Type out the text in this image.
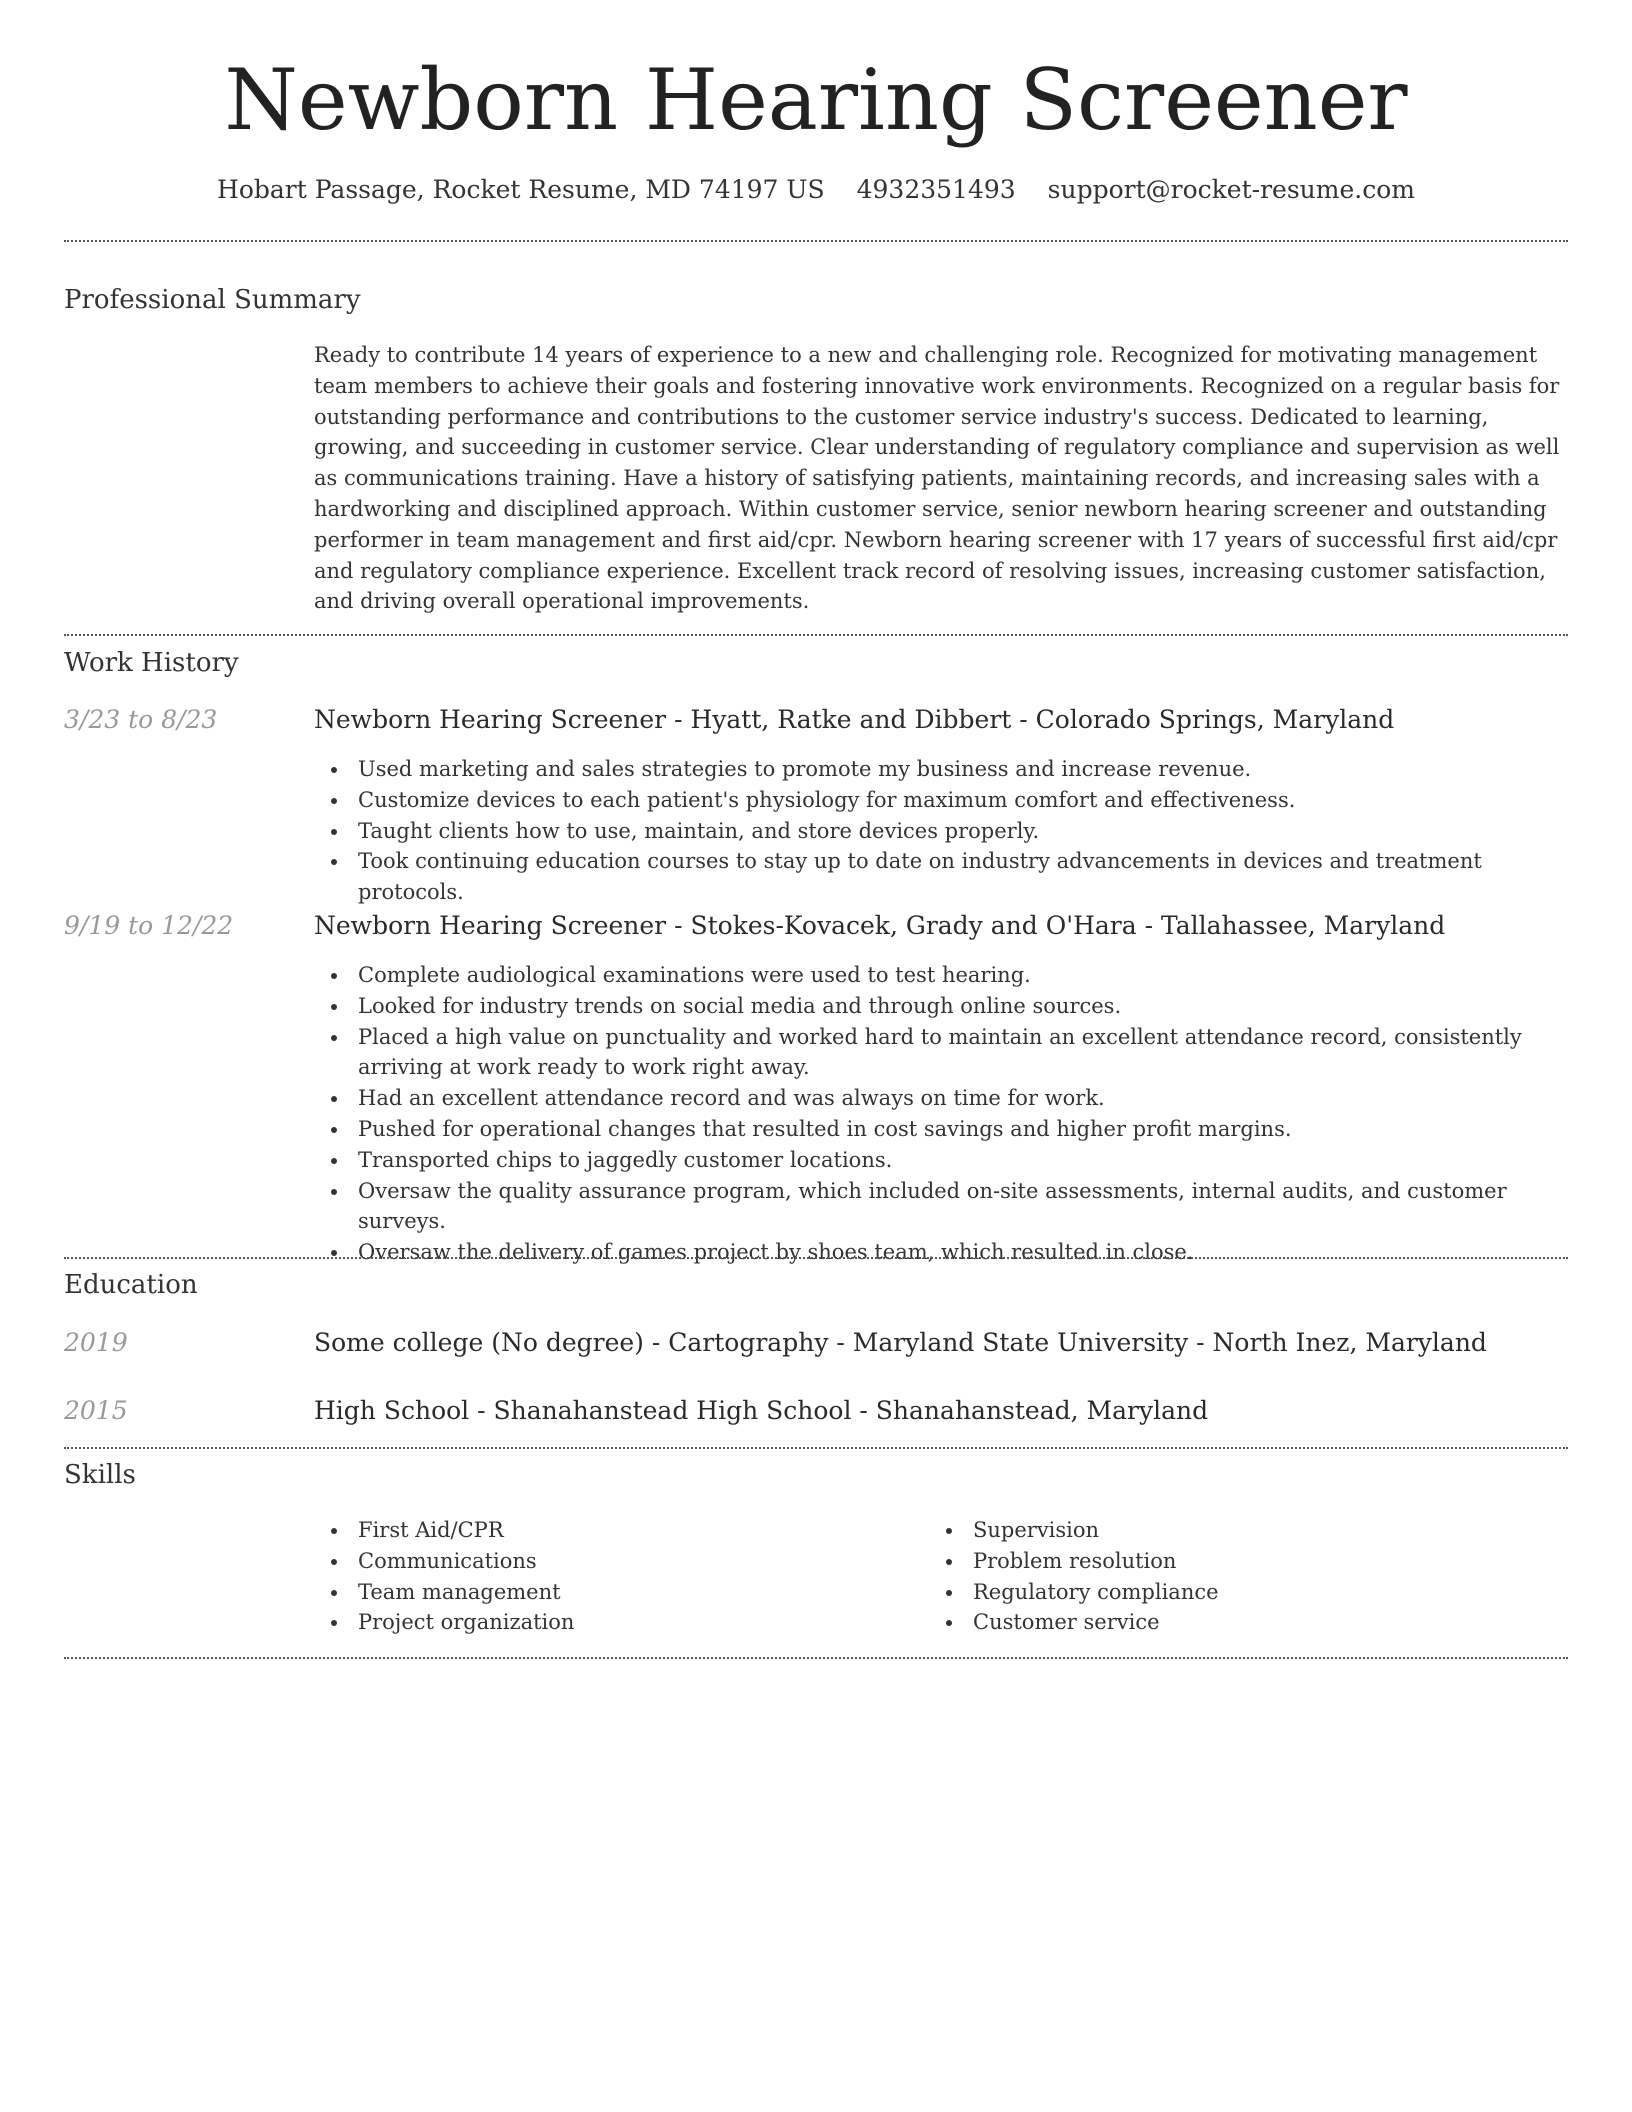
Newborn Hearing Screener
Hobart Passage, Rocket Resume, MD 74197 US 4932351493 support@rocket-resume.com
Professional Summary

Ready to contribute 14 years of experience to a new and challenging role. Recognized for motivating management team members to achieve their goals and fostering innovative work environments. Recognized on a regular basis for outstanding performance and contributions to the customer service industry's success. Dedicated to learning, growing, and succeeding in customer service. Clear understanding of regulatory compliance and supervision as well as communications training. Have a history of satisfying patients, maintaining records, and increasing sales with a hardworking and disciplined approach. Within customer service, senior newborn hearing screener and outstanding performer in team management and first aid/cpr. Newborn hearing screener with 17 years of successful first aid/cpr and regulatory compliance experience. Excellent track record of resolving issues, increasing customer satisfaction, and driving overall operational improvements.

Work History
3/23 to 8/23	Newborn Hearing Screener - Hyatt, Ratke and Dibbert - Colorado Springs, Maryland
Used marketing and sales strategies to promote my business and increase revenue.
Customize devices to each patient's physiology for maximum comfort and effectiveness.
Taught clients how to use, maintain, and store devices properly.
Took continuing education courses to stay up to date on industry advancements in devices and treatment protocols.
9/19 to 12/22	Newborn Hearing Screener - Stokes-Kovacek, Grady and O'Hara - Tallahassee, Maryland
Complete audiological examinations were used to test hearing.
Looked for industry trends on social media and through online sources.
Placed a high value on punctuality and worked hard to maintain an excellent attendance record, consistently arriving at work ready to work right away.
Had an excellent attendance record and was always on time for work.
Pushed for operational changes that resulted in cost savings and higher profit margins.
Transported chips to jaggedly customer locations.
Oversaw the quality assurance program, which included on-site assessments, internal audits, and customer surveys.
Oversaw the delivery of games project by shoes team, which resulted in close.
Education
2019	Some college (No degree) - Cartography - Maryland State University - North Inez, Maryland
2015	High School - Shanahanstead High School - Shanahanstead, Maryland
Skills
First Aid/CPR
Communications
Team management
Project organization
Supervision
Problem resolution
Regulatory compliance
Customer service
